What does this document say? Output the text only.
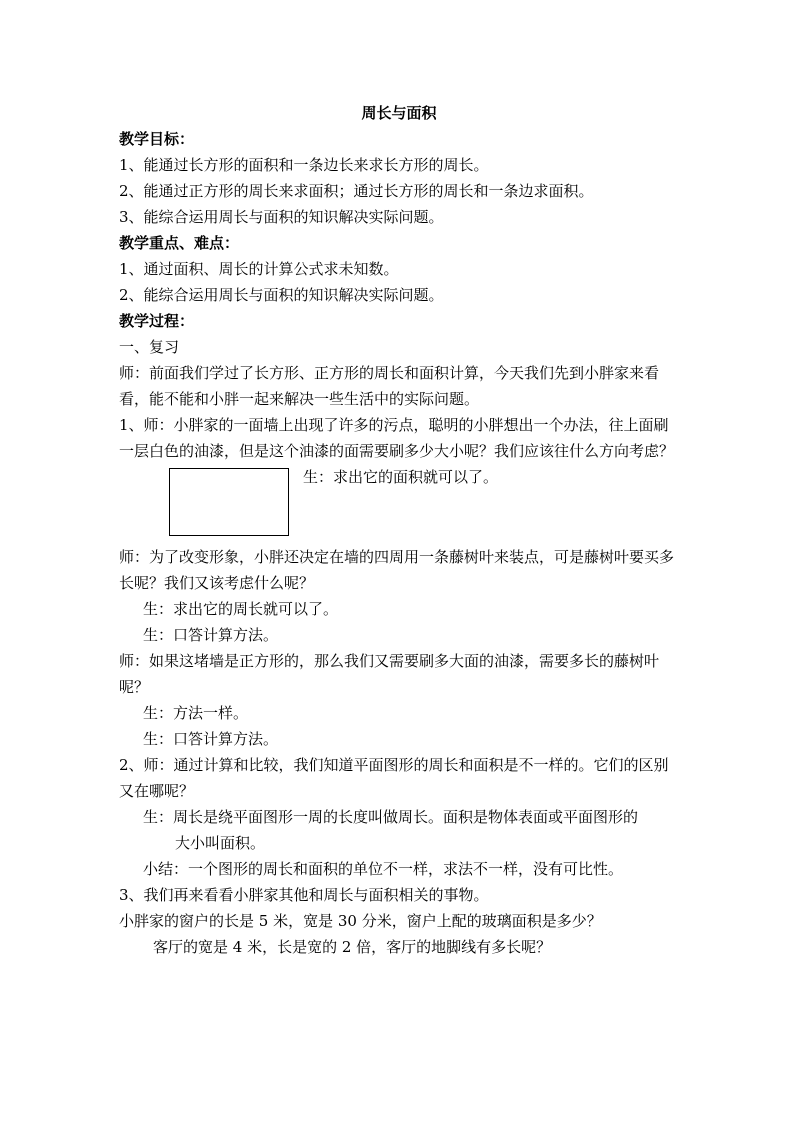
周长与面积

教学目标：

1、能通过长方形的面积和一条边长来求长方形的周长。

2、能通过正方形的周长来求面积；通过长方形的周长和一条边求面积。

3、能综合运用周长与面积的知识解决实际问题。

教学重点、难点：

1、通过面积、周长的计算公式求未知数。

2、能综合运用周长与面积的知识解决实际问题。

教学过程：

一、复习

师：前面我们学过了长方形、正方形的周长和面积计算，今天我们先到小胖家来看看，能不能和小胖一起来解决一些生活中的实际问题。

1、师：小胖家的一面墙上出现了许多的污点，聪明的小胖想出一个办法，往上面刷一层白色的油漆，但是这个油漆的面需要刷多少大小呢？我们应该往什么方向考虑？

生：求出它的面积就可以了。

师：为了改变形象，小胖还决定在墙的四周用一条藤树叶来装点，可是藤树叶要买多长呢？我们又该考虑什么呢？

生：求出它的周长就可以了。

生：口答计算方法。

师：如果这堵墙是正方形的，那么我们又需要刷多大面的油漆，需要多长的藤树叶呢？

生：方法一样。

生：口答计算方法。

2、师：通过计算和比较，我们知道平面图形的周长和面积是不一样的。它们的区别又在哪呢？

生：周长是绕平面图形一周的长度叫做周长。面积是物体表面或平面图形的
大小叫面积。

小结：一个图形的周长和面积的单位不一样，求法不一样，没有可比性。

3、我们再来看看小胖家其他和周长与面积相关的事物。

小胖家的窗户的长是 5 米，宽是 30 分米，窗户上配的玻璃面积是多少？

客厅的宽是 4 米，长是宽的 2 倍，客厅的地脚线有多长呢？
